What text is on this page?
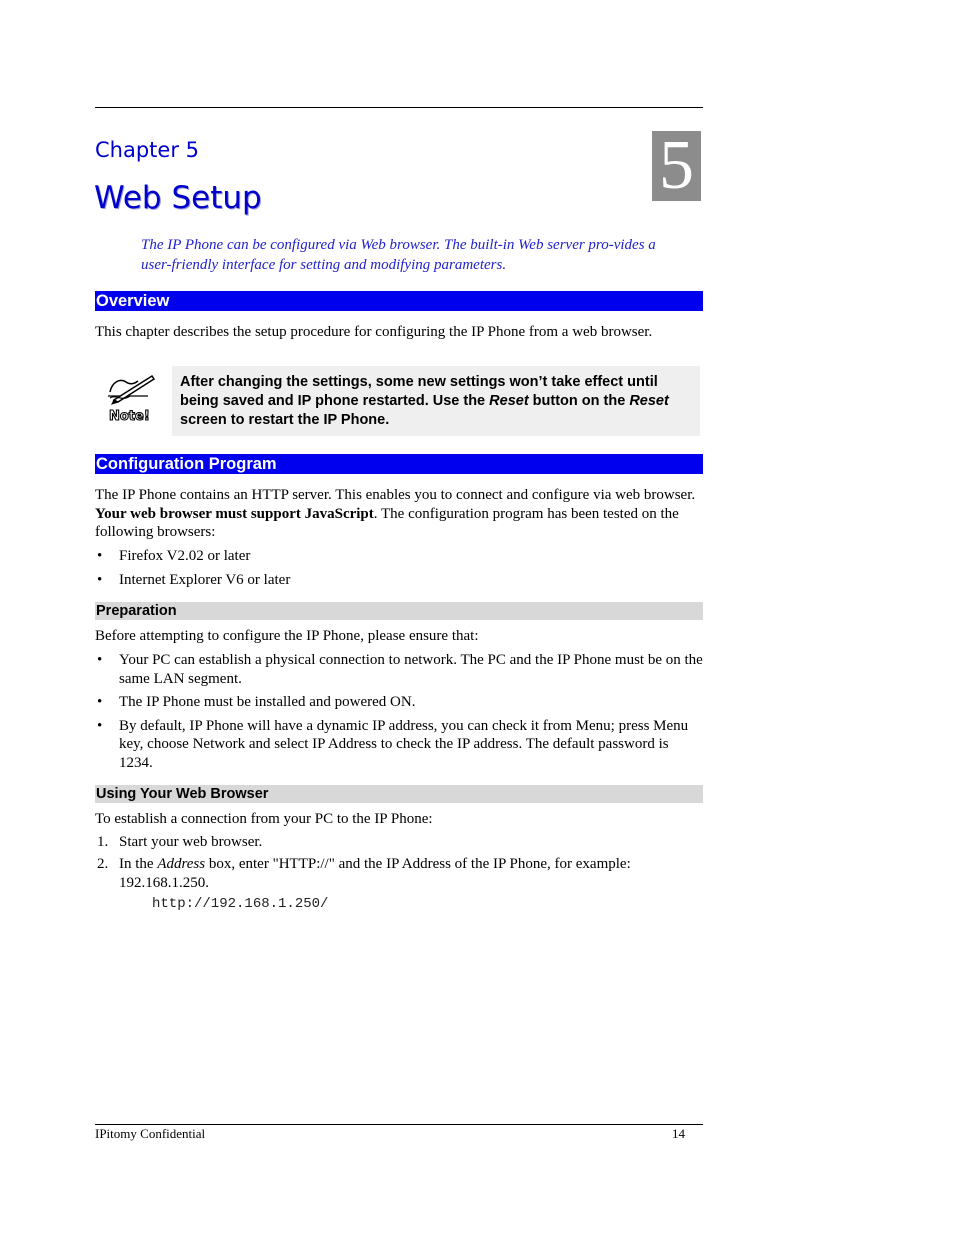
Chapter 5
Web Setup	5
The IP Phone can be configured via Web browser. The built-in Web server pro-vides a user-friendly interface for setting and modifying parameters.
Overview
This chapter describes the setup procedure for configuring the IP Phone from a web browser.
Note!
After changing the settings, some new settings won’t take effect until being saved and IP phone restarted. Use the Reset button on the Reset screen to restart the IP Phone.
Configuration Program
The IP Phone contains an HTTP server. This enables you to connect and configure via web browser. Your web browser must support JavaScript. The configuration program has been tested on the following browsers:
• Firefox V2.02 or later
• Internet Explorer V6 or later
Preparation
Before attempting to configure the IP Phone, please ensure that:
• Your PC can establish a physical connection to network. The PC and the IP Phone must be on the same LAN segment.
• The IP Phone must be installed and powered ON.
• By default, IP Phone will have a dynamic IP address, you can check it from Menu; press Menu key, choose Network and select IP Address to check the IP address. The default password is 1234.
Using Your Web Browser
To establish a connection from your PC to the IP Phone:
1. Start your web browser.
2. In the Address box, enter "HTTP://" and the IP Address of the IP Phone, for example: 192.168.1.250.
http://192.168.1.250/
IPitomy Confidential	14
